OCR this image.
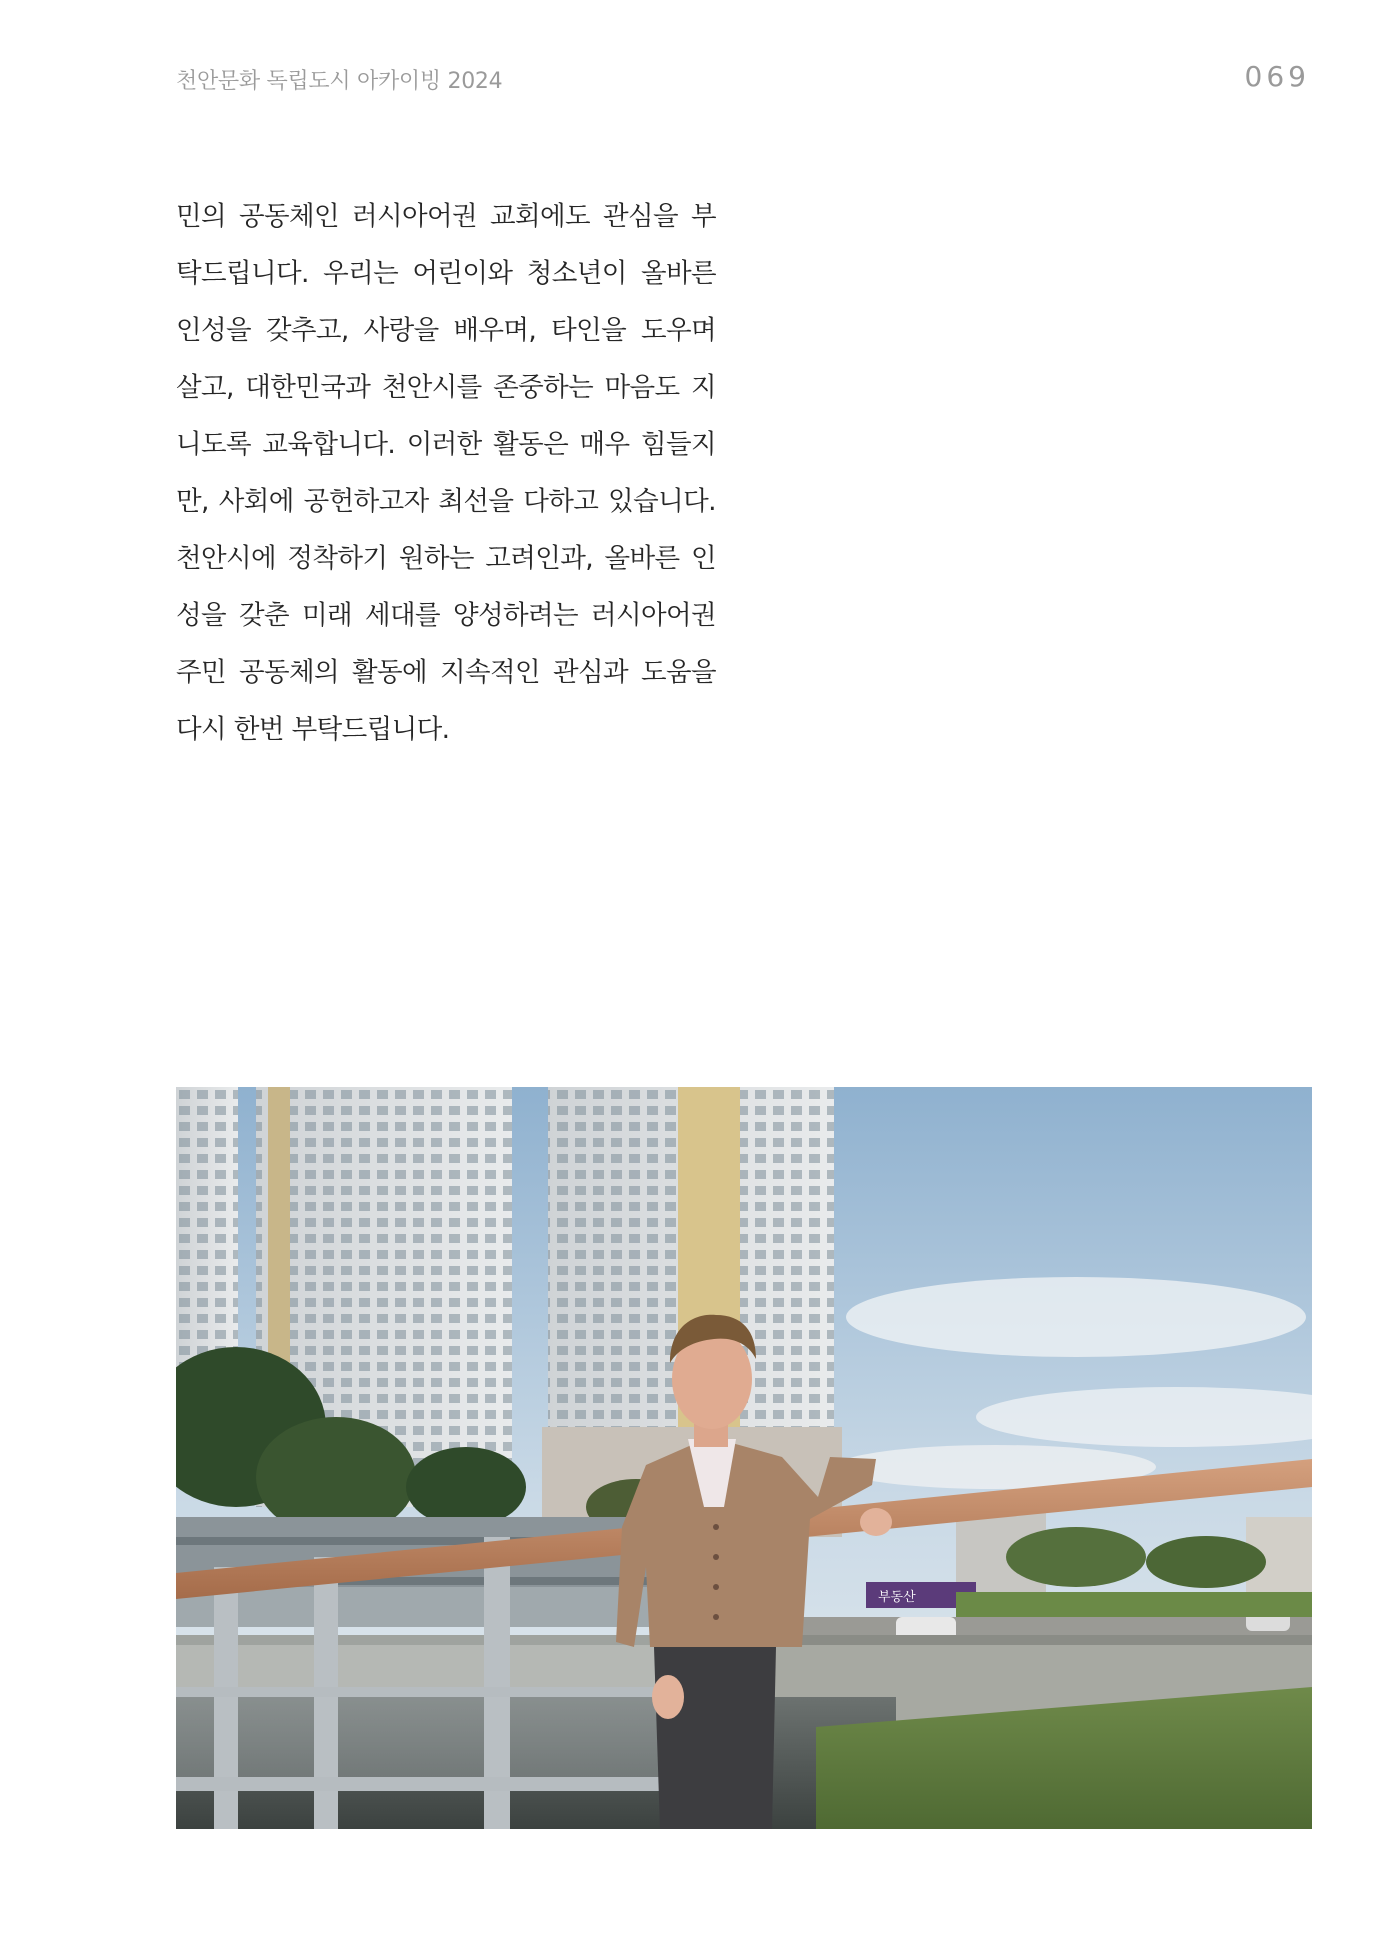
천안문화 독립도시 아카이빙 2024	069

민의 공동체인 러시아어권 교회에도 관심을 부
탁드립니다. 우리는 어린이와 청소년이 올바른
인성을 갖추고, 사랑을 배우며, 타인을 도우며
살고, 대한민국과 천안시를 존중하는 마음도 지
니도록 교육합니다. 이러한 활동은 매우 힘들지
만, 사회에 공헌하고자 최선을 다하고 있습니다.
천안시에 정착하기 원하는 고려인과, 올바른 인
성을 갖춘 미래 세대를 양성하려는 러시아어권
주민 공동체의 활동에 지속적인 관심과 도움을
다시 한번 부탁드립니다.

부동산
